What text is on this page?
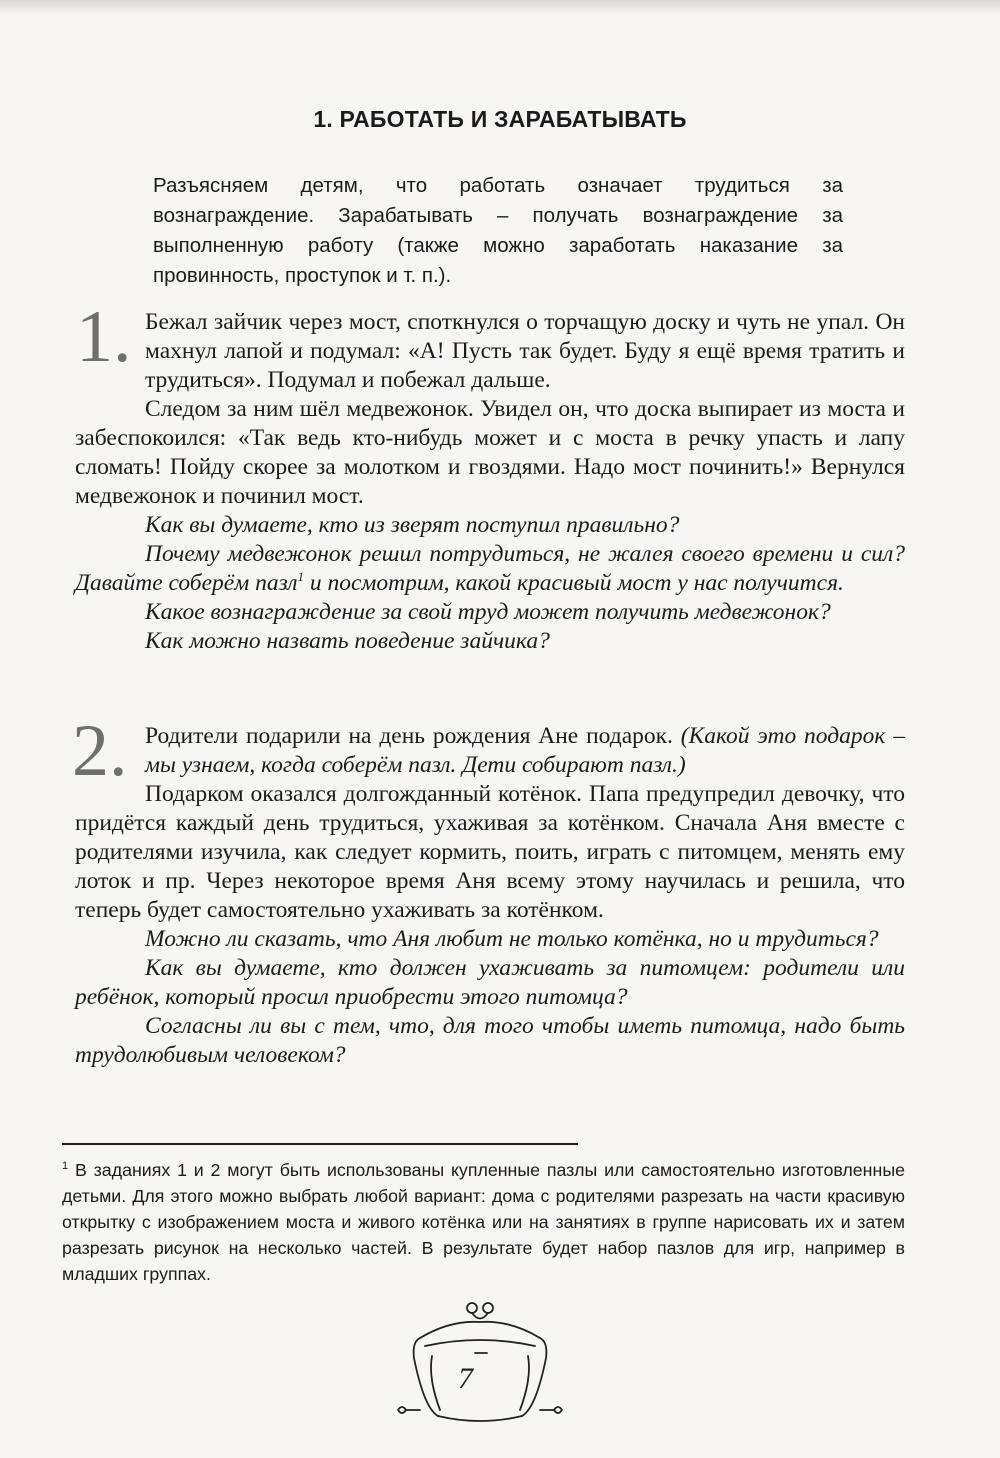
1. РАБОТАТЬ И ЗАРАБАТЫВАТЬ

Разъясняем детям, что работать означает трудиться за вознаграждение. Зарабатывать – получать вознаграждение за выполненную работу (также можно заработать наказание за провинность, проступок и т. п.).

1. Бежал зайчик через мост, споткнулся о торчащую доску и чуть не упал. Он махнул лапой и подумал: «А! Пусть так будет. Буду я ещё время тратить и трудиться». Подумал и побежал дальше.

Следом за ним шёл медвежонок. Увидел он, что доска выпирает из моста и забеспокоился: «Так ведь кто-нибудь может и с моста в речку упасть и лапу сломать! Пойду скорее за молотком и гвоздями. Надо мост починить!» Вернулся медвежонок и починил мост.

Как вы думаете, кто из зверят поступил правильно?

Почему медвежонок решил потрудиться, не жалея своего времени и сил? Давайте соберём пазл$^1$ и посмотрим, какой красивый мост у нас получится.

Какое вознаграждение за свой труд может получить медвежонок?

Как можно назвать поведение зайчика?

2. Родители подарили на день рождения Ане подарок. (Какой это подарок – мы узнаем, когда соберём пазл. Дети собирают пазл.)

Подарком оказался долгожданный котёнок. Папа предупредил девочку, что придётся каждый день трудиться, ухаживая за котёнком. Сначала Аня вместе с родителями изучила, как следует кормить, поить, играть с питомцем, менять ему лоток и пр. Через некоторое время Аня всему этому научилась и решила, что теперь будет самостоятельно ухаживать за котёнком.

Можно ли сказать, что Аня любит не только котёнка, но и трудиться?

Как вы думаете, кто должен ухаживать за питомцем: родители или ребёнок, который просил приобрести этого питомца?

Согласны ли вы с тем, что, для того чтобы иметь питомца, надо быть трудолюбивым человеком?

$^1$ В заданиях 1 и 2 могут быть использованы купленные пазлы или самостоятельно изготовленные детьми. Для этого можно выбрать любой вариант: дома с родителями разрезать на части красивую открытку с изображением моста и живого котёнка или на занятиях в группе нарисовать их и затем разрезать рисунок на несколько частей. В результате будет набор пазлов для игр, например в младших группах.

7
